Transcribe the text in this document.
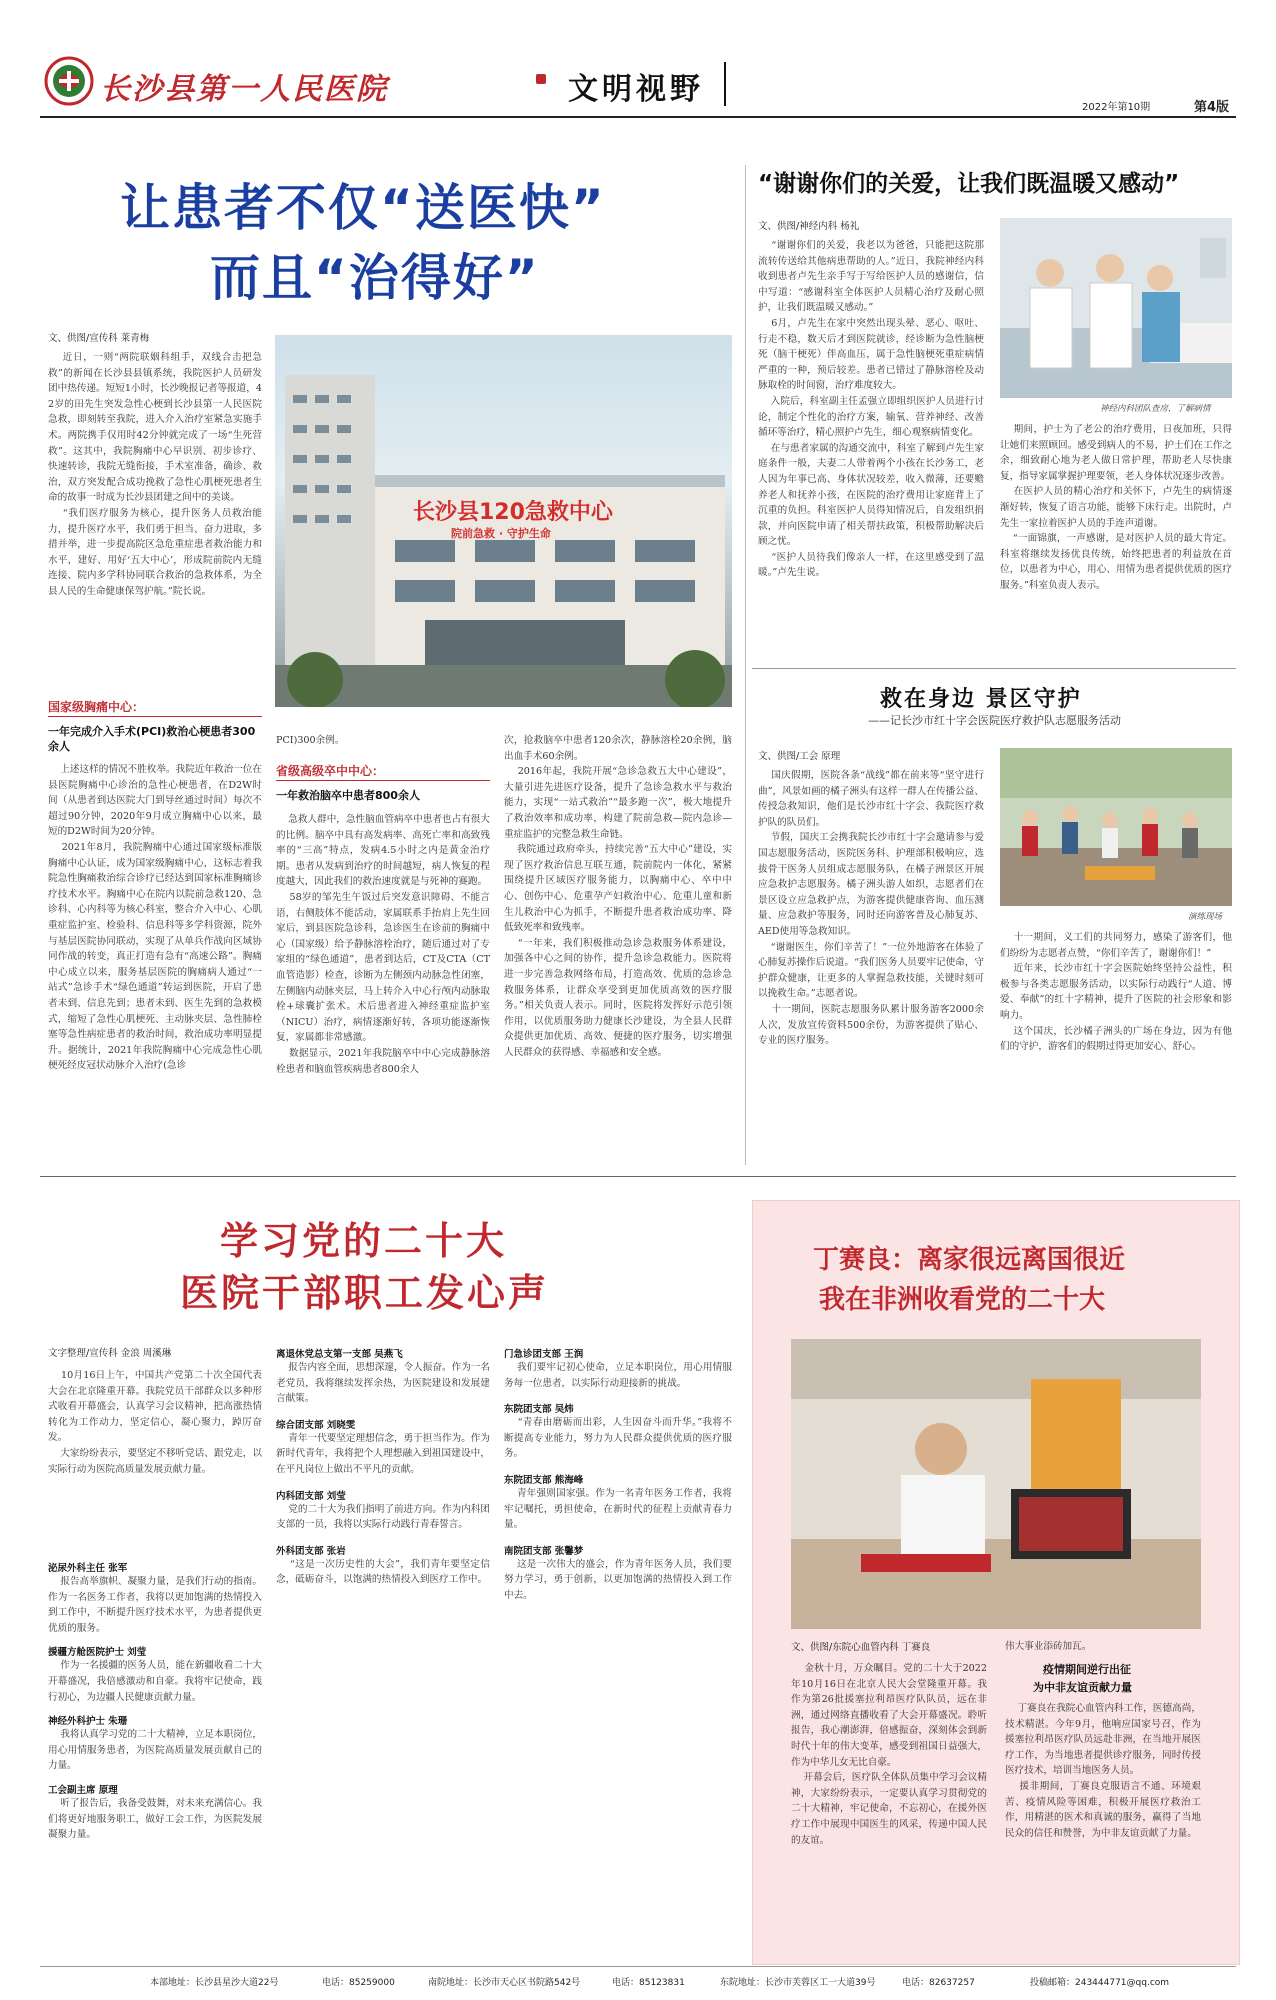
长沙县第一人民医院	文明视野
2022年第10期	第4版
让患者不仅“送医快”
而且“治得好”
文、供图/宣传科 莱青梅
近日，一则“两院联姻科组手，双线合击把急救”的新闻在长沙县县镇系统，我院医护人员研发团中热传递。短短1小时，长沙晚报记者等报道，42岁的田先生突发急性心梗到长沙县第一人民医院急救，即刻转至我院，进入介入治疗室紧急实施手术。两院携手仅用时42分钟就完成了一场“生死营救”。这其中，我院胸痛中心早识别、初步诊疗、快速转诊，我院无缝衔接，手术室准备，确诊、救治，双方突发配合成功挽救了急性心肌梗死患者生命的故事一时成为长沙县团建之间中的美谈。
“我们医疗服务为核心，提升医务人员救治能力，提升医疗水平，我们勇于担当、奋力进取，多措并举，进一步提高院区急危重症患者救治能力和水平，建好、用好‘五大中心’，形成院前院内无缝连接、院内多学科协同联合救治的急救体系，为全县人民的生命健康保驾护航。”院长说。
长沙县120急救中心
院前急救 · 守护生命
国家级胸痛中心：
一年完成介入手术(PCI)救治心梗患者300余人
上述这样的情况不胜枚举。我院近年救治一位在县医院胸痛中心诊治的急性心梗患者，在D2W时间（从患者到达医院大门到导丝通过时间）每次不超过90分钟，2020年9月成立胸痛中心以来，最短的D2W时间为20分钟。
2021年8月，我院胸痛中心通过国家级标准版胸痛中心认证，成为国家级胸痛中心，这标志着我院急性胸痛救治综合诊疗已经达到国家标准胸痛诊疗技术水平。胸痛中心在院内以院前急救120、急诊科、心内科等为核心科室，整合介入中心、心肌重症监护室、检验科、信息科等多学科资源，院外与基层医院协同联动，实现了从单兵作战向区域协同作战的转变，真正打造有急有“高速公路”。胸痛中心成立以来，服务基层医院的胸痛病人通过“一站式”急诊手术“绿色通道”转运到医院，开启了患者未到、信息先到；患者未到、医生先到的急救模式，缩短了急性心肌梗死、主动脉夹层、急性肺栓塞等急性病症患者的救治时间，救治成功率明显提升。据统计，2021年我院胸痛中心完成急性心肌梗死经皮冠状动脉介入治疗(急诊
PCI)300余例。
省级高级卒中中心：
一年救治脑卒中患者800余人
急救人群中，急性脑血管病卒中患者也占有很大的比例。脑卒中具有高发病率、高死亡率和高致残率的“三高”特点，发病4.5小时之内是黄金治疗期。患者从发病到治疗的时间越短，病人恢复的程度越大，因此我们的救治速度就是与死神的赛跑。
58岁的邹先生午饭过后突发意识障碍、不能言语，右侧肢体不能活动，家属联系手抬肩上先生回家后，到县医院急诊科，急诊医生在诊前的胸痛中心（国家级）给予静脉溶栓治疗，随后通过对了专家组的“绿色通道”，患者到达后，CT及CTA（CT血管造影）检查，诊断为左侧颈内动脉急性闭塞，左侧脑内动脉夹层，马上转介入中心行颅内动脉取栓+球囊扩张术。术后患者进入神经重症监护室（NICU）治疗，病情逐渐好转，各项功能逐渐恢复，家属都非常感激。
数据显示，2021年我院脑卒中中心完成静脉溶栓患者和脑血管疾病患者800余人
次，抢救脑卒中患者120余次，静脉溶栓20余例，脑出血手术60余例。
2016年起，我院开展“急诊急救五大中心建设”，大量引进先进医疗设备，提升了急诊急救水平与救治能力，实现“一站式救治”“最多跑一次”，极大地提升了救治效率和成功率，构建了院前急救—院内急诊—重症监护的完整急救生命链。
我院通过政府牵头，持续完善“五大中心”建设，实现了医疗救治信息互联互通，院前院内一体化，紧紧围绕提升区域医疗服务能力，以胸痛中心、卒中中心、创伤中心、危重孕产妇救治中心、危重儿童和新生儿救治中心为抓手，不断提升患者救治成功率、降低致死率和致残率。
“一年来，我们积极推动急诊急救服务体系建设，加强各中心之间的协作，提升急诊急救能力。医院将进一步完善急救网络布局，打造高效、优质的急诊急救服务体系，让群众享受到更加优质高效的医疗服务。”相关负责人表示。同时，医院将发挥好示范引领作用，以优质服务助力健康长沙建设，为全县人民群众提供更加优质、高效、便捷的医疗服务，切实增强人民群众的获得感、幸福感和安全感。
“谢谢你们的关爱，让我们既温暖又感动”
文、供图/神经内科 杨礼
“谢谢你们的关爱，我老以为爸爸，只能把这院那流转传送给其他病患帮助的人。”近日，我院神经内科收到患者卢先生亲手写于写给医护人员的感谢信，信中写道：“感谢科室全体医护人员精心治疗及耐心照护，让我们既温暖又感动。”
6月，卢先生在家中突然出现头晕、恶心、呕吐、行走不稳，数天后才到医院就诊，经诊断为急性脑梗死（脑干梗死）伴高血压，属于急性脑梗死重症病情严重的一种，预后较差。患者已错过了静脉溶栓及动脉取栓的时间窗，治疗难度较大。
入院后，科室副主任孟强立即组织医护人员进行讨论，制定个性化的治疗方案，输氧、营养神经、改善循环等治疗，精心照护卢先生，细心观察病情变化。
在与患者家属的沟通交流中，科室了解到卢先生家庭条件一般，夫妻二人带着两个小孩在长沙务工，老人因为年事已高、身体状况较差，收入微薄，还要赡养老人和抚养小孩，在医院的治疗费用让家庭背上了沉重的负担。科室医护人员得知情况后，自发组织捐款，并向医院申请了相关帮扶政策，积极帮助解决后顾之忧。
“医护人员待我们像亲人一样，在这里感受到了温暖。”卢先生说。
神经内科团队查房，了解病情
期间，护士为了老公的治疗费用，日夜加班，只得让她们来照顾回。感受到病人的不易，护士们在工作之余，细致耐心地为老人做日常护理，帮助老人尽快康复，指导家属掌握护理要领，老人身体状况逐步改善。
在医护人员的精心治疗和关怀下，卢先生的病情逐渐好转，恢复了语言功能，能够下床行走。出院时，卢先生一家拉着医护人员的手连声道谢。
“一面锦旗，一声感谢，是对医护人员的最大肯定。科室将继续发扬优良传统，始终把患者的利益放在首位，以患者为中心，用心、用情为患者提供优质的医疗服务。”科室负责人表示。
救在身边 景区守护
——记长沙市红十字会医院医疗救护队志愿服务活动
文、供图/工会 原理
国庆假期，医院各条“战线”都在前来等“坚守进行曲”，风景如画的橘子洲头有这样一群人在传播公益、传授急救知识，他们是长沙市红十字会、我院医疗救护队的队员们。
节假，国庆工会携我院长沙市红十字会邀请参与爱国志愿服务活动，医院医务科、护理部积极响应，选拔骨干医务人员组成志愿服务队，在橘子洲景区开展应急救护志愿服务。橘子洲头游人如织，志愿者们在景区设立应急救护点，为游客提供健康咨询、血压测量、应急救护等服务，同时还向游客普及心肺复苏、AED使用等急救知识。
“谢谢医生，你们辛苦了！”一位外地游客在体验了心肺复苏操作后说道。“我们医务人员要牢记使命，守护群众健康，让更多的人掌握急救技能，关键时刻可以挽救生命。”志愿者说。
十一期间，医院志愿服务队累计服务游客2000余人次，发放宣传资料500余份，为游客提供了贴心、专业的医疗服务。
演练现场
十一期间，义工们的共同努力，感染了游客们，他们纷纷为志愿者点赞，“你们辛苦了，谢谢你们！”
近年来，长沙市红十字会医院始终坚持公益性，积极参与各类志愿服务活动，以实际行动践行“人道、博爱、奉献”的红十字精神，提升了医院的社会形象和影响力。
这个国庆，长沙橘子洲头的广场在身边，因为有他们的守护，游客们的假期过得更加安心、舒心。
学习党的二十大
医院干部职工发心声
文字整理/宣传科 金浪 周溪琳
10月16日上午，中国共产党第二十次全国代表大会在北京隆重开幕。我院党员干部群众以多种形式收看开幕盛会，认真学习会议精神，把高涨热情转化为工作动力，坚定信心，凝心聚力，踔厉奋发。
大家纷纷表示，要坚定不移听党话、跟党走，以实际行动为医院高质量发展贡献力量。
泌尿外科主任 张军
报告高举旗帜、凝聚力量，是我们行动的指南。作为一名医务工作者，我将以更加饱满的热情投入到工作中，不断提升医疗技术水平，为患者提供更优质的服务。
援疆方舱医院护士 刘莹
作为一名援疆的医务人员，能在新疆收看二十大开幕盛况，我倍感激动和自豪。我将牢记使命，践行初心，为边疆人民健康贡献力量。
神经外科护士 朱珊
我将认真学习党的二十大精神，立足本职岗位，用心用情服务患者，为医院高质量发展贡献自己的力量。
工会副主席 原理
听了报告后，我备受鼓舞，对未来充满信心。我们将更好地服务职工，做好工会工作，为医院发展凝聚力量。
离退休党总支第一支部 吴燕飞
报告内容全面，思想深邃，令人振奋。作为一名老党员，我将继续发挥余热，为医院建设和发展建言献策。
综合团支部 刘晓雯
青年一代要坚定理想信念，勇于担当作为。作为新时代青年，我将把个人理想融入到祖国建设中，在平凡岗位上做出不平凡的贡献。
内科团支部 刘莹
党的二十大为我们指明了前进方向。作为内科团支部的一员，我将以实际行动践行青春誓言。
外科团支部 张岩
“这是一次历史性的大会”，我们青年要坚定信念，砥砺奋斗，以饱满的热情投入到医疗工作中。
门急诊团支部 王润
我们要牢记初心使命，立足本职岗位，用心用情服务每一位患者，以实际行动迎接新的挑战。
东院团支部 吴炜
“青春由磨砺而出彩，人生因奋斗而升华。”我将不断提高专业能力，努力为人民群众提供优质的医疗服务。
东院团支部 熊海峰
青年强则国家强。作为一名青年医务工作者，我将牢记嘱托，勇担使命，在新时代的征程上贡献青春力量。
南院团支部 张馨梦
这是一次伟大的盛会，作为青年医务人员，我们要努力学习，勇于创新，以更加饱满的热情投入到工作中去。
丁赛良：离家很远离国很近
我在非洲收看党的二十大
文、供图/东院心血管内科 丁赛良
金秋十月，万众瞩目。党的二十大于2022年10月16日在北京人民大会堂隆重开幕。我作为第26批援塞拉利昂医疗队队员，远在非洲，通过网络直播收看了大会开幕盛况。聆听报告，我心潮澎湃，倍感振奋，深刻体会到新时代十年的伟大变革，感受到祖国日益强大，作为中华儿女无比自豪。
开幕会后，医疗队全体队员集中学习会议精神，大家纷纷表示，一定要认真学习贯彻党的二十大精神，牢记使命，不忘初心，在援外医疗工作中展现中国医生的风采，传递中国人民的友谊。
伟大事业添砖加瓦。
疫情期间逆行出征
为中非友谊贡献力量
丁赛良在我院心血管内科工作，医德高尚，技术精湛。今年9月，他响应国家号召，作为援塞拉利昂医疗队员远赴非洲，在当地开展医疗工作，为当地患者提供诊疗服务，同时传授医疗技术，培训当地医务人员。
援非期间，丁赛良克服语言不通、环境艰苦、疫情风险等困难，积极开展医疗救治工作，用精湛的医术和真诚的服务，赢得了当地民众的信任和赞誉，为中非友谊贡献了力量。
本部地址：长沙县星沙大道22号	电话：85259000	南院地址：长沙市天心区书院路542号	电话：85123831	东院地址：长沙市芙蓉区工一大道39号	电话：82637257	投稿邮箱：243444771@qq.com
